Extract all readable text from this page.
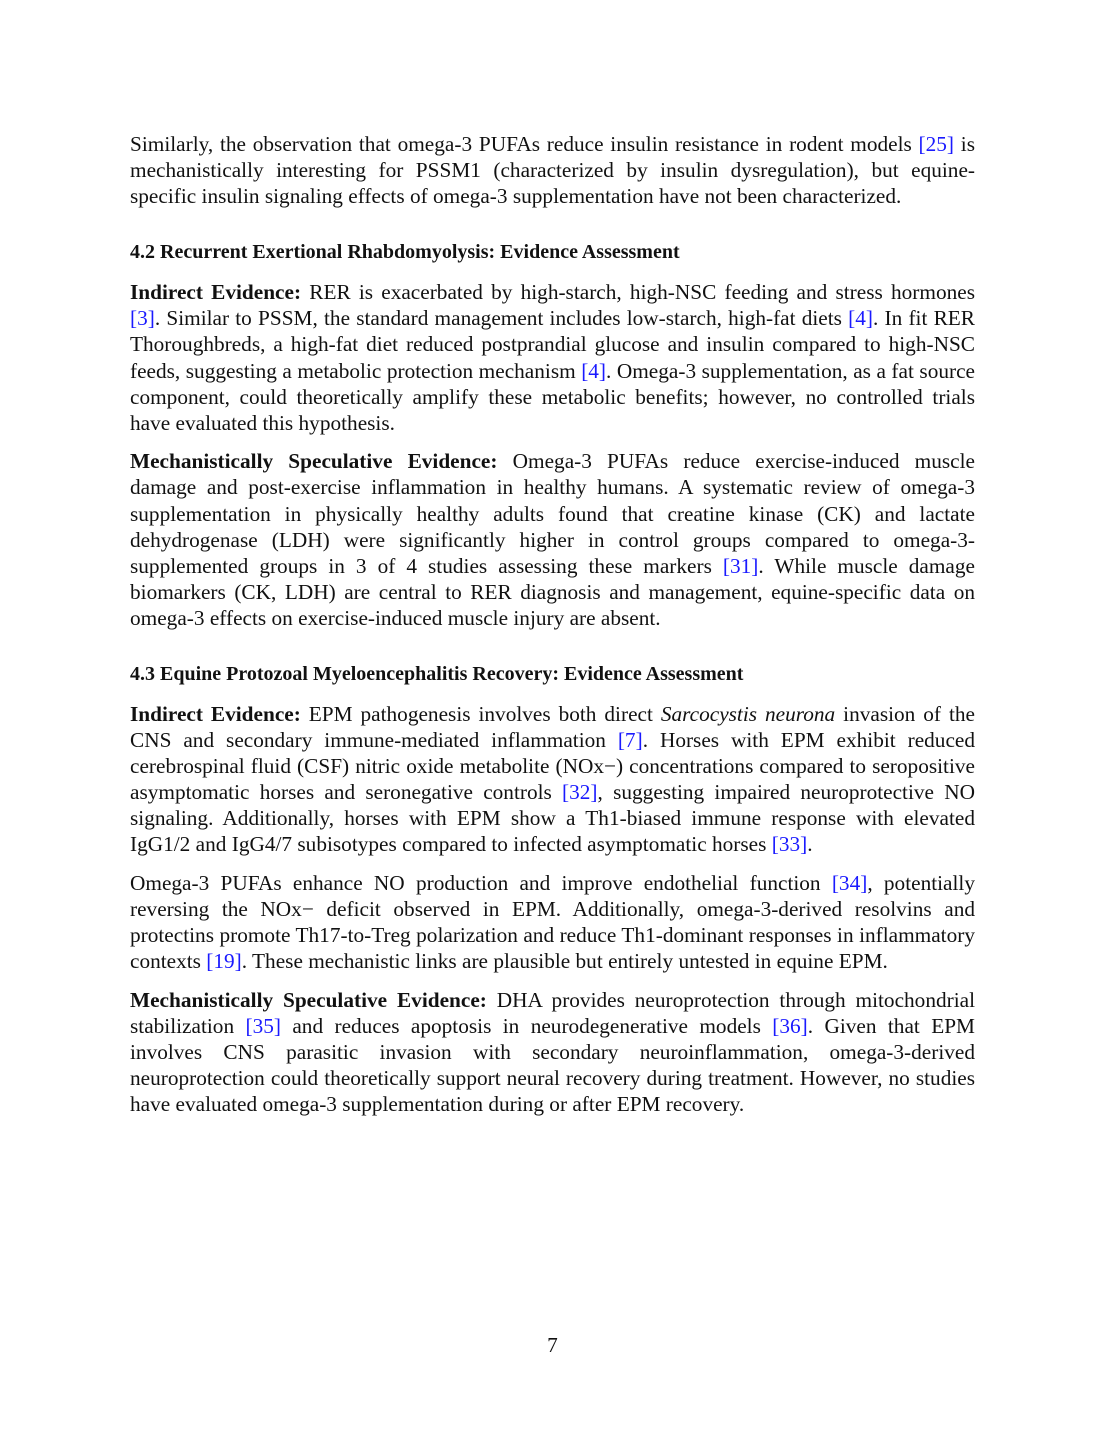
Similarly, the observation that omega-3 PUFAs reduce insulin resistance in rodent models [25] is mechanistically interesting for PSSM1 (characterized by insulin dysregulation), but equine-specific insulin signaling effects of omega-3 supplementation have not been characterized.

4.2 Recurrent Exertional Rhabdomyolysis: Evidence Assessment

Indirect Evidence: RER is exacerbated by high-starch, high-NSC feeding and stress hormones [3]. Similar to PSSM, the standard management includes low-starch, high-fat diets [4]. In fit RER Thoroughbreds, a high-fat diet reduced postprandial glucose and insulin compared to high-NSC feeds, suggesting a metabolic protection mechanism [4]. Omega-3 supplementation, as a fat source component, could theoretically amplify these metabolic benefits; however, no controlled trials have evaluated this hypothesis.

Mechanistically Speculative Evidence: Omega-3 PUFAs reduce exercise-induced muscle damage and post-exercise inflammation in healthy humans. A systematic review of omega-3 supplementation in physically healthy adults found that creatine kinase (CK) and lactate dehydrogenase (LDH) were significantly higher in control groups compared to omega-3-supplemented groups in 3 of 4 studies assessing these markers [31]. While muscle damage biomarkers (CK, LDH) are central to RER diagnosis and management, equine-specific data on omega-3 effects on exercise-induced muscle injury are absent.

4.3 Equine Protozoal Myeloencephalitis Recovery: Evidence Assessment

Indirect Evidence: EPM pathogenesis involves both direct Sarcocystis neurona invasion of the CNS and secondary immune-mediated inflammation [7]. Horses with EPM exhibit reduced cerebrospinal fluid (CSF) nitric oxide metabolite (NOx−) concentrations compared to seropositive asymptomatic horses and seronegative controls [32], suggesting impaired neuroprotective NO signaling. Additionally, horses with EPM show a Th1-biased immune response with elevated IgG1/2 and IgG4/7 subisotypes compared to infected asymptomatic horses [33].

Omega-3 PUFAs enhance NO production and improve endothelial function [34], potentially reversing the NOx− deficit observed in EPM. Additionally, omega-3-derived resolvins and protectins promote Th17-to-Treg polarization and reduce Th1-dominant responses in inflammatory contexts [19]. These mechanistic links are plausible but entirely untested in equine EPM.

Mechanistically Speculative Evidence: DHA provides neuroprotection through mitochondrial stabilization [35] and reduces apoptosis in neurodegenerative models [36]. Given that EPM involves CNS parasitic invasion with secondary neuroinflammation, omega-3-derived neuroprotection could theoretically support neural recovery during treatment. However, no studies have evaluated omega-3 supplementation during or after EPM recovery.

7
